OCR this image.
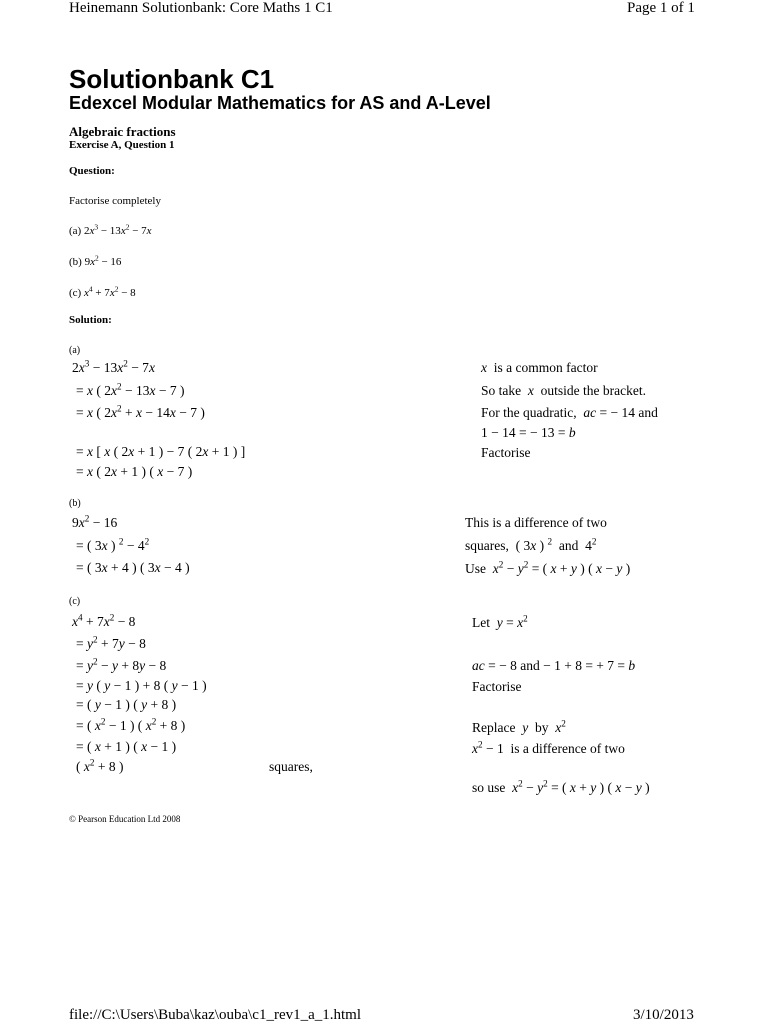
Heinemann Solutionbank: Core Maths 1 C1	Page 1 of 1
Solutionbank C1
Edexcel Modular Mathematics for AS and A-Level
Algebraic fractions
Exercise A, Question 1
Question:
Factorise completely
(a) $2x^3 - 13x^2 - 7x$
(b) $9x^2 - 16$
(c) $x^4 + 7x^2 - 8$
Solution:
(a)
$2x^3 - 13x^2 - 7x$
= x ( $2x^2 - 13x - 7$ )
= x ( $2x^2 + x - 14x - 7$ )
= x [ x ( 2x + 1 ) − 7 ( 2x + 1 ) ]
= x ( 2x + 1 ) ( x − 7 )
x is a common factor
So take x outside the bracket.
For the quadratic, ac = − 14 and
1 − 14 = − 13 = b
Factorise
(b)
$9x^2 - 16$
= ( 3x ) $^2 - 4^2$
= ( 3x + 4 ) ( 3x − 4 )
This is a difference of two
squares,  ( 3x ) $^2$ and  $4^2$
Use $x^2 - y^2$ = ( x + y ) ( x − y )
(c)
$x^4 + 7x^2 - 8$
= $y^2 + 7y - 8$
= $y^2 - y + 8y - 8$
= y ( y − 1 ) + 8 ( y − 1 )
= ( y − 1 ) ( y + 8 )
= ( $x^2 - 1$ ) ( $x^2 + 8$ )
= ( x + 1 ) ( x − 1 )
( $x^2 + 8$ )	squares,
Let $y = x^2$
ac = − 8 and − 1 + 8 = + 7 = b
Factorise
Replace y by $x^2$
$x^2 - 1$  is a difference of two
so use $x^2 - y^2$ = ( x + y ) ( x − y )
© Pearson Education Ltd 2008
file://C:\Users\Buba\kaz\ouba\c1_rev1_a_1.html	3/10/2013
